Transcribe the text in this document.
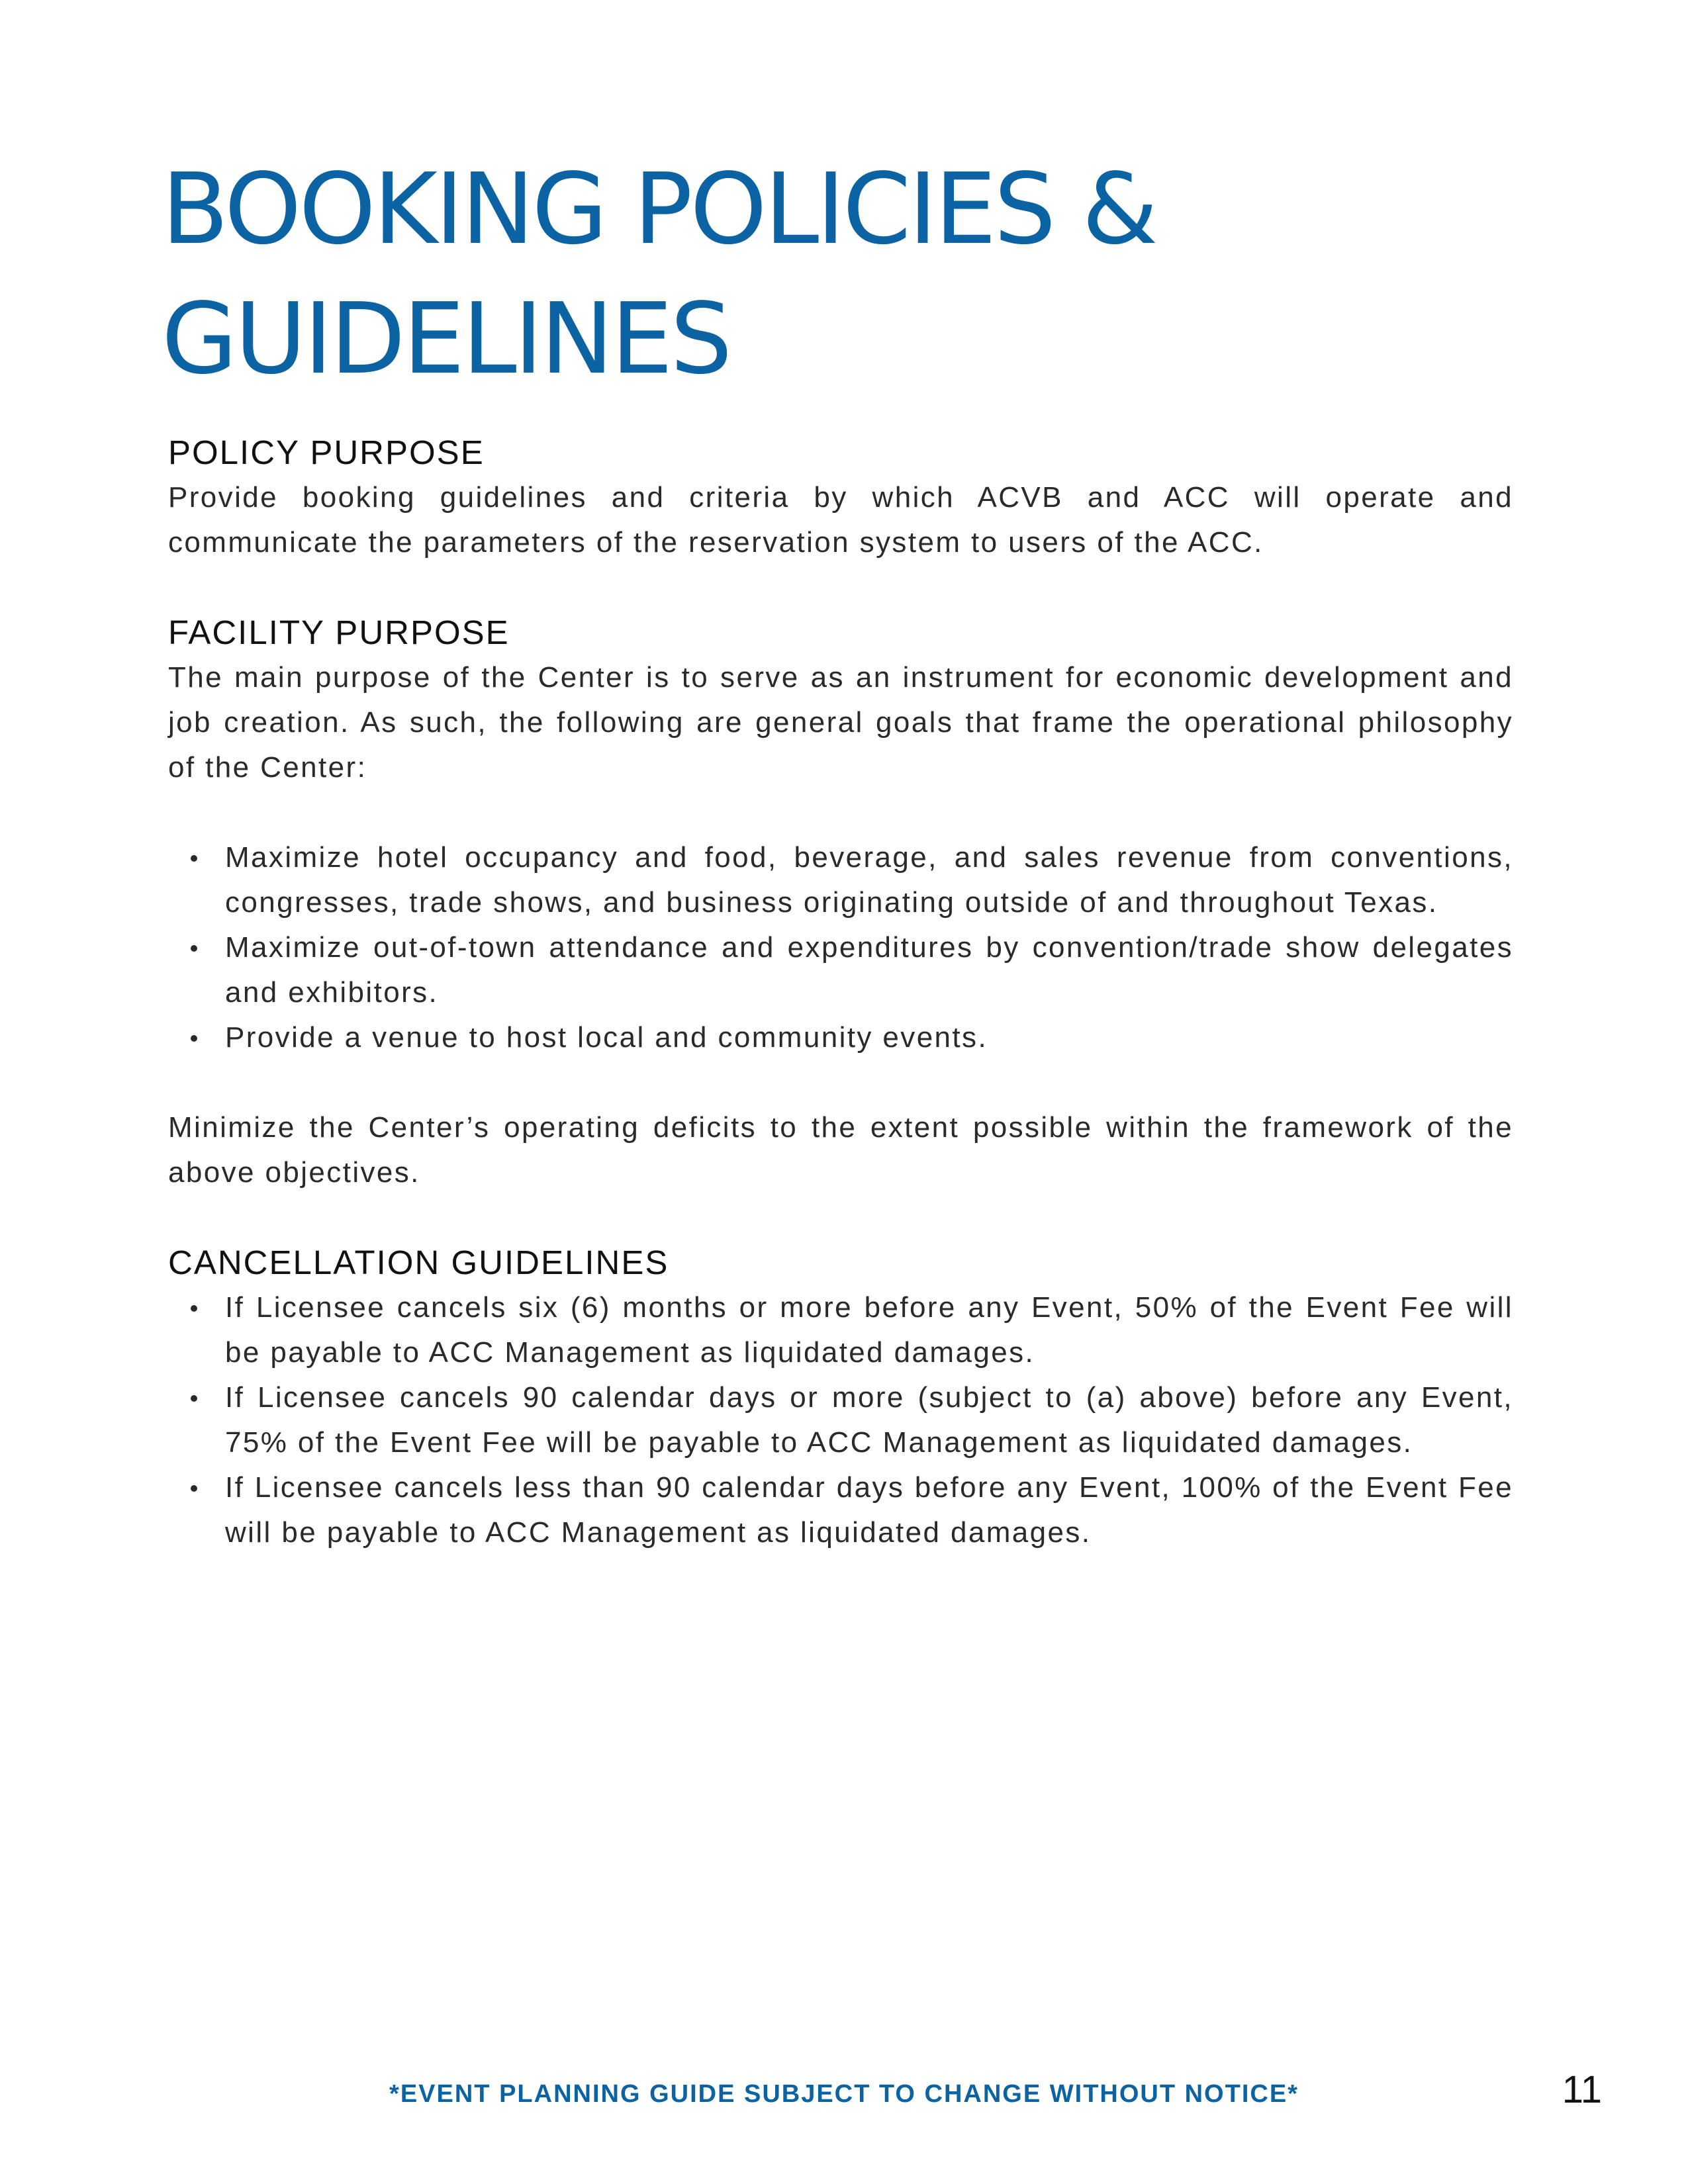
BOOKING POLICIES & GUIDELINES
POLICY PURPOSE

Provide booking guidelines and criteria by which ACVB and ACC will operate and communicate the parameters of the reservation system to users of the ACC.

FACILITY PURPOSE

The main purpose of the Center is to serve as an instrument for economic development and job creation. As such, the following are general goals that frame the operational philosophy of the Center:

Maximize hotel occupancy and food, beverage, and sales revenue from conventions, congresses, trade shows, and business originating outside of and throughout Texas.
Maximize out-of-town attendance and expenditures by convention/trade show delegates and exhibitors.
Provide a venue to host local and community events.

Minimize the Center’s operating deficits to the extent possible within the framework of the above objectives.

CANCELLATION GUIDELINES
If Licensee cancels six (6) months or more before any Event, 50% of the Event Fee will be payable to ACC Management as liquidated damages.
If Licensee cancels 90 calendar days or more (subject to (a) above) before any Event, 75% of the Event Fee will be payable to ACC Management as liquidated damages.
If Licensee cancels less than 90 calendar days before any Event, 100% of the Event Fee will be payable to ACC Management as liquidated damages.
*EVENT PLANNING GUIDE SUBJECT TO CHANGE WITHOUT NOTICE*	11
